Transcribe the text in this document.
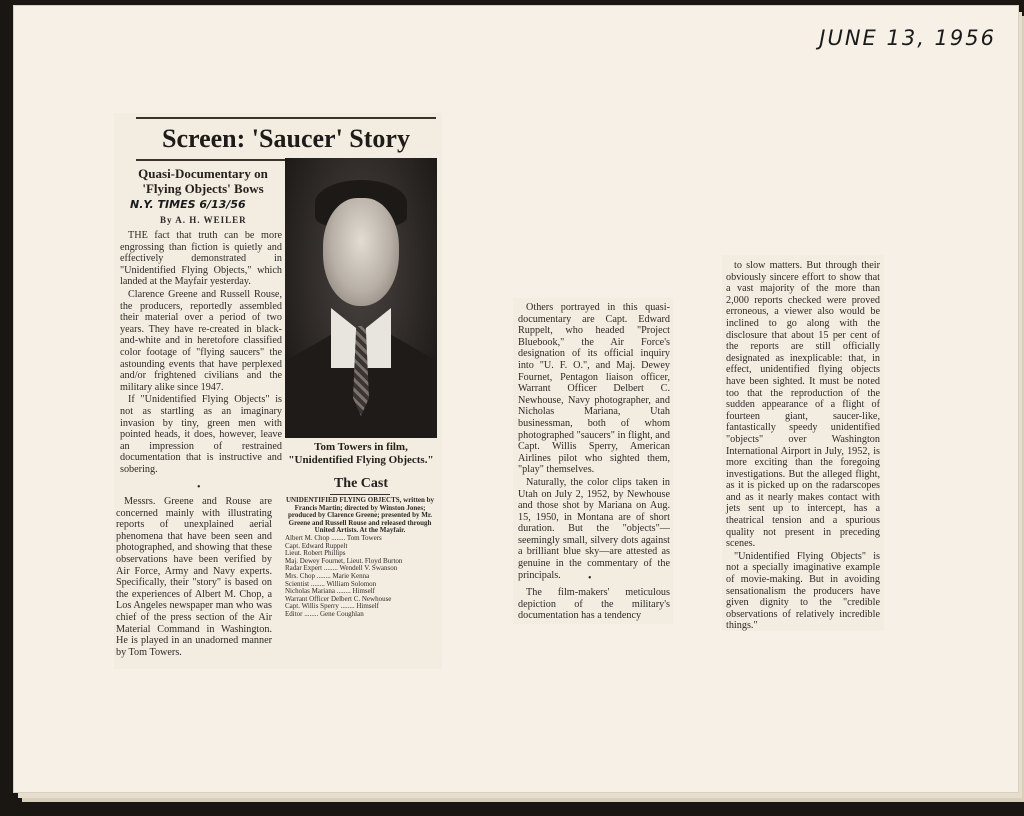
JUNE 13, 1956
Screen: 'Saucer' Story
Quasi-Documentary on 'Flying Objects' Bows
N.Y. TIMES 6/13/56
By A. H. WEILER

THE fact that truth can be more engrossing than fiction is quietly and effectively demonstrated in "Unidentified Flying Objects," which landed at the Mayfair yesterday.

Clarence Greene and Russell Rouse, the producers, reportedly assembled their material over a period of two years. They have re-created in black-and-white and in heretofore classified color footage of "flying saucers" the astounding events that have perplexed and/or frightened civilians and the military alike since 1947.

If "Unidentified Flying Objects" is not as startling as an imaginary invasion by tiny, green men with pointed heads, it does, however, leave an impression of restrained documentation that is instructive and sobering.

•

Messrs. Greene and Rouse are concerned mainly with illustrating reports of unexplained aerial phenomena that have been seen and photographed, and showing that these observations have been verified by Air Force, Army and Navy experts. Specifically, their "story" is based on the experiences of Albert M. Chop, a Los Angeles newspaper man who was chief of the press section of the Air Material Command in Washington. He is played in an unadorned manner by Tom Towers.

Tom Towers in film, "Unidentified Flying Objects."
The Cast
UNIDENTIFIED FLYING OBJECTS, written by Francis Martin; directed by Winston Jones; produced by Clarence Greene; presented by Mr. Greene and Russell Rouse and released through United Artists. At the Mayfair.
Albert M. Chop ........ Tom Towers
Capt. Edward Ruppelt
Lieut. Robert Phillips
Maj. Dewey Fournet, Lieut. Floyd Burton
Radar Expert ........ Wendell V. Swanson
Mrs. Chop ........ Marie Kenna
Scientist ........ William Solomon
Nicholas Mariana ........ Himself
Warrant Officer Delbert C. Newhouse
Capt. Willis Sperry ........ Himself
Editor ........ Gene Coughlan

Others portrayed in this quasi-documentary are Capt. Edward Ruppelt, who headed "Project Bluebook," the Air Force's designation of its official inquiry into "U. F. O.", and Maj. Dewey Fournet, Pentagon liaison officer, Warrant Officer Delbert C. Newhouse, Navy photographer, and Nicholas Mariana, Utah businessman, both of whom photographed "saucers" in flight, and Capt. Willis Sperry, American Airlines pilot who sighted them, "play" themselves.

Naturally, the color clips taken in Utah on July 2, 1952, by Newhouse and those shot by Mariana on Aug. 15, 1950, in Montana are of short duration. But the "objects"—seemingly small, silvery dots against a brilliant blue sky—are attested as genuine in the commentary of the principals.	•

The film-makers' meticulous depiction of the military's documentation has a tendency

to slow matters. But through their obviously sincere effort to show that a vast majority of the more than 2,000 reports checked were proved erroneous, a viewer also would be inclined to go along with the disclosure that about 15 per cent of the reports are still officially designated as inexplicable: that, in effect, unidentified flying objects have been sighted. It must be noted too that the reproduction of the sudden appearance of a flight of fourteen giant, saucer-like, fantastically speedy unidentified "objects" over Washington International Airport in July, 1952, is more exciting than the foregoing investigations. But the alleged flight, as it is picked up on the radarscopes and as it nearly makes contact with jets sent up to intercept, has a theatrical tension and a spurious quality not present in preceding scenes.

"Unidentified Flying Objects" is not a specially imaginative example of movie-making. But in avoiding sensationalism the producers have given dignity to the "credible observations of relatively incredible things."
